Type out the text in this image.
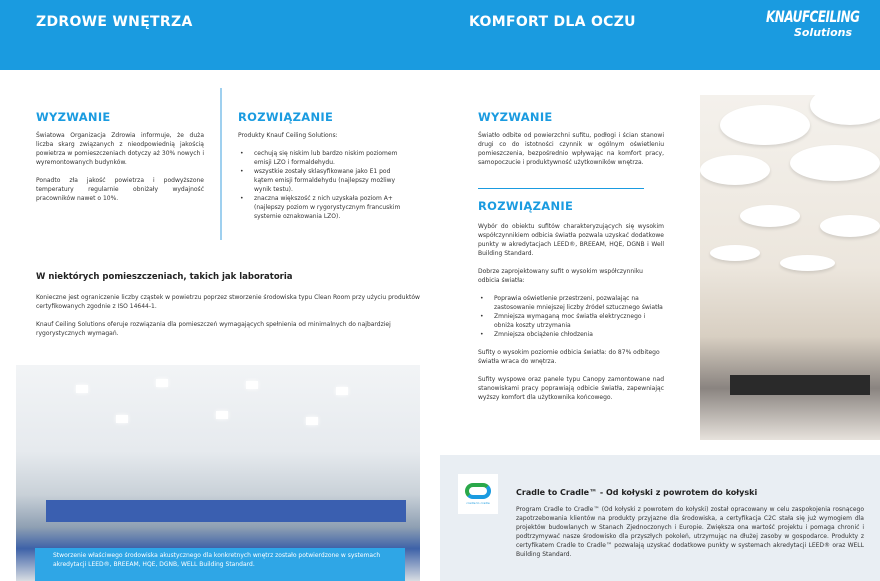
ZDROWE WNĘTRZA	KOMFORT DLA OCZU	KNAUFCEILING
Solutions
WYZWANIE

Światowa Organizacja Zdrowia informuje, że duża liczba skarg związanych z nieodpowiednią jakością powietrza w pomieszczeniach dotyczy aż 30% nowych i wyremontowanych budynków.

Ponadto zła jakość powietrza i podwyższone temperatury regularnie obniżały wydajność pracowników nawet o 10%.

ROZWIĄZANIE

Produkty Knauf Ceiling Solutions:

• cechują się niskim lub bardzo niskim poziomem emisji LZO i formaldehydu.
• wszystkie zostały sklasyfikowane jako E1 pod kątem emisji formaldehydu (najlepszy możliwy wynik testu).
• znaczna większość z nich uzyskała poziom A+ (najlepszy poziom w rygorystycznym francuskim systemie oznakowania LZO).
W niektórych pomieszczeniach, takich jak laboratoria

Konieczne jest ograniczenie liczby cząstek w powietrzu poprzez stworzenie środowiska typu Clean Room przy użyciu produktów certyfikowanych zgodnie z ISO 14644-1.

Knauf Ceiling Solutions oferuje rozwiązania dla pomieszczeń wymagających spełnienia od minimalnych do najbardziej rygorystycznych wymagań.

Stworzenie właściwego środowiska akustycznego dla konkretnych wnętrz zostało potwierdzone w systemach akredytacji LEED®, BREEAM, HQE, DGNB, WELL Building Standard.
WYZWANIE
Światło odbite od powierzchni sufitu, podłogi i ścian stanowi drugi co do istotności czynnik w ogólnym oświetleniu pomieszczenia, bezpośrednio wpływając na komfort pracy, samopoczucie i produktywność użytkowników wnętrza.
ROZWIĄZANIE

Wybór do obiektu sufitów charakteryzujących się wysokim współczynnikiem odbicia światła pozwala uzyskać dodatkowe punkty w akredytacjach LEED®, BREEAM, HQE, DGNB i Well Building Standard.

Dobrze zaprojektowany sufit o wysokim współczynniku odbicia światła:

• Poprawia oświetlenie przestrzeni, pozwalając na zastosowanie mniejszej liczby źródeł sztucznego światła
• Zmniejsza wymaganą moc światła elektrycznego i obniża koszty utrzymania
• Zmniejsza obciążenie chłodzenia

Sufity o wysokim poziomie odbicia światła: do 87% odbitego światła wraca do wnętrza.

Sufity wyspowe oraz panele typu Canopy zamontowane nad stanowiskami pracy poprawiają odbicie światła, zapewniając wyższy komfort dla użytkownika końcowego.

cradle to cradle
Cradle to Cradle™ - Od kołyski z powrotem do kołyski
Program Cradle to Cradle™ (Od kołyski z powrotem do kołyski) został opracowany w celu zaspokojenia rosnącego zapotrzebowania klientów na produkty przyjazne dla środowiska, a certyfikacja C2C stała się już wymogiem dla projektów budowlanych w Stanach Zjednoczonych i Europie. Zwiększa ona wartość projektu i pomaga chronić i podtrzymywać nasze środowisko dla przyszłych pokoleń, utrzymując na dłużej zasoby w gospodarce. Produkty z certyfikatem Cradle to Cradle™ pozwalają uzyskać dodatkowe punkty w systemach akredytacji LEED® oraz WELL Building Standard.
